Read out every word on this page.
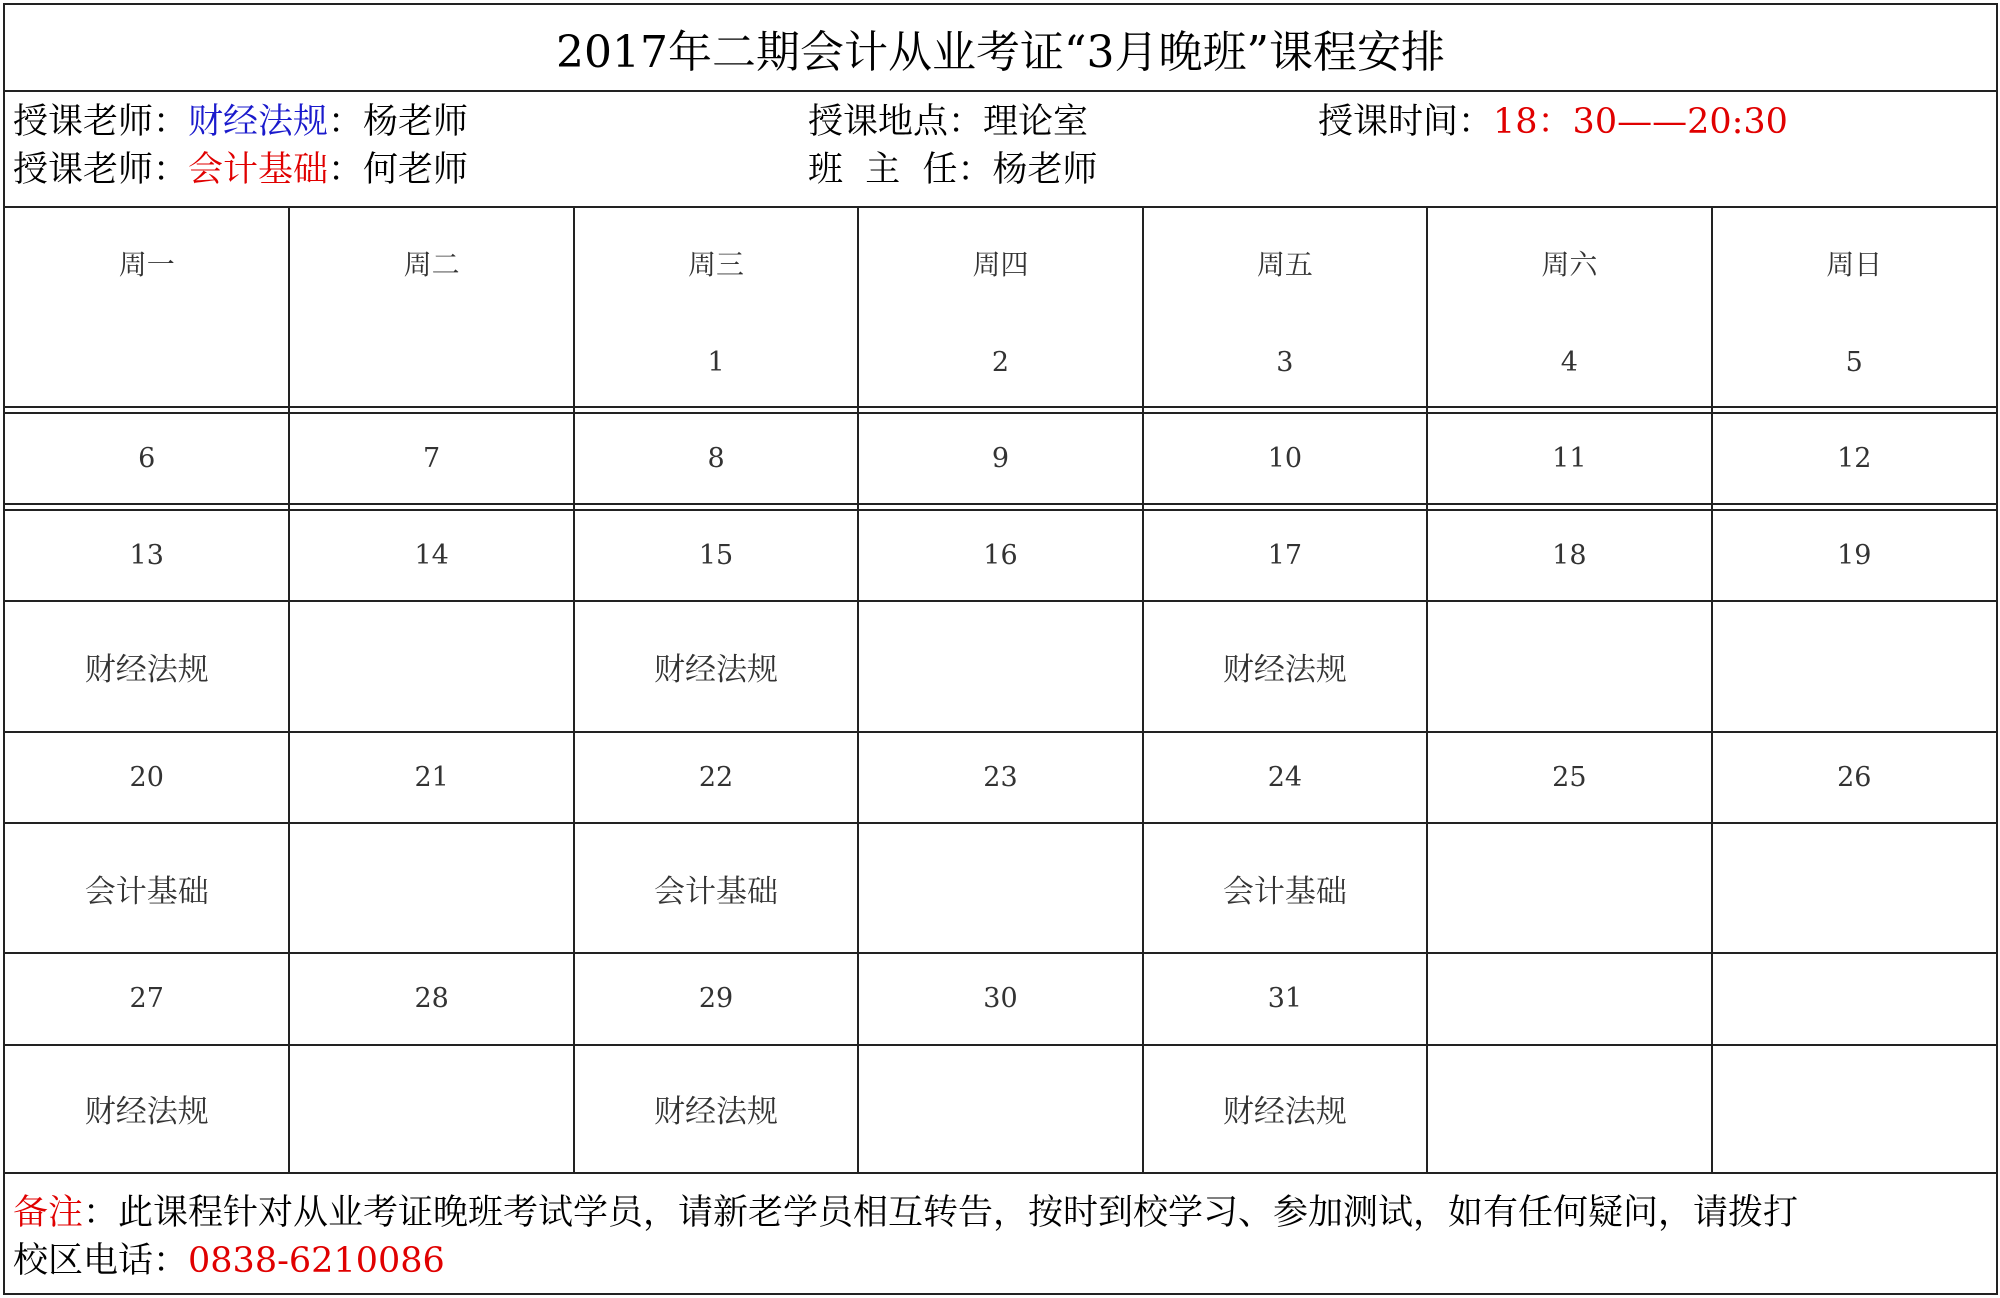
2017年二期会计从业考证“3月晚班”课程安排
授课老师：财经法规：杨老师
授课老师：会计基础：何老师
授课地点：理论室
班  主  任：杨老师
授课时间：18：30——20:30
周一	周二	周三	周四	周五	周六	周日
		1	2	3	4	5

6	7	8	9	10	11	12

13	14	15	16	17	18	19
财经法规		财经法规		财经法规		
20	21	22	23	24	25	26
会计基础		会计基础		会计基础		
27	28	29	30	31		
财经法规		财经法规		财经法规		
备注：此课程针对从业考证晚班考试学员，请新老学员相互转告，按时到校学习、参加测试，如有任何疑问，请拨打
校区电话：0838-6210086
